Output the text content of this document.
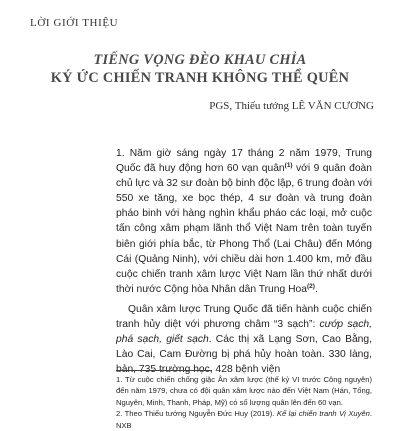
LỜI GIỚI THIỆU
TIẾNG VỌNG ĐÈO KHAU CHỈA
KÝ ỨC CHIẾN TRANH KHÔNG THỂ QUÊN
PGS, Thiếu tướng LÊ VĂN CƯƠNG

1. Năm giờ sáng ngày 17 tháng 2 năm 1979, Trung Quốc đã huy động hơn 60 vạn quân$^{(1)}$ với 9 quân đoàn chủ lực và 32 sư đoàn bộ binh độc lập, 6 trung đoàn với 550 xe tăng, xe bọc thép, 4 sư đoàn và trung đoàn pháo binh với hàng nghìn khẩu pháo các loại, mở cuộc tấn công xâm phạm lãnh thổ Việt Nam trên toàn tuyến biên giới phía bắc, từ Phong Thổ (Lai Châu) đến Móng Cái (Quảng Ninh), với chiều dài hơn 1.400 km, mở đầu cuộc chiến tranh xâm lược Việt Nam lần thứ nhất dưới thời nước Cộng hòa Nhân dân Trung Hoa$^{(2)}$.

Quân xâm lược Trung Quốc đã tiến hành cuộc chiến tranh hủy diệt với phương châm “3 sạch”: cướp sạch, phá sạch, giết sạch. Các thị xã Lạng Sơn, Cao Bằng, Lào Cai, Cam Đường bị phá hủy hoàn toàn. 330 làng, bản, 735 trường học, 428 bệnh viện

1. Từ cuộc chiến chống giặc Ân xâm lược (thế kỷ VI trước Công nguyên) đến năm 1979, chưa có đội quân xâm lược nào đến Việt Nam (Hán, Tống, Nguyên, Minh, Thanh, Pháp, Mỹ) có số lượng quân lên đến 60 vạn.

2. Theo Thiếu tướng Nguyễn Đức Huy (2019). Kể lại chiến tranh Vị Xuyên. NXB
